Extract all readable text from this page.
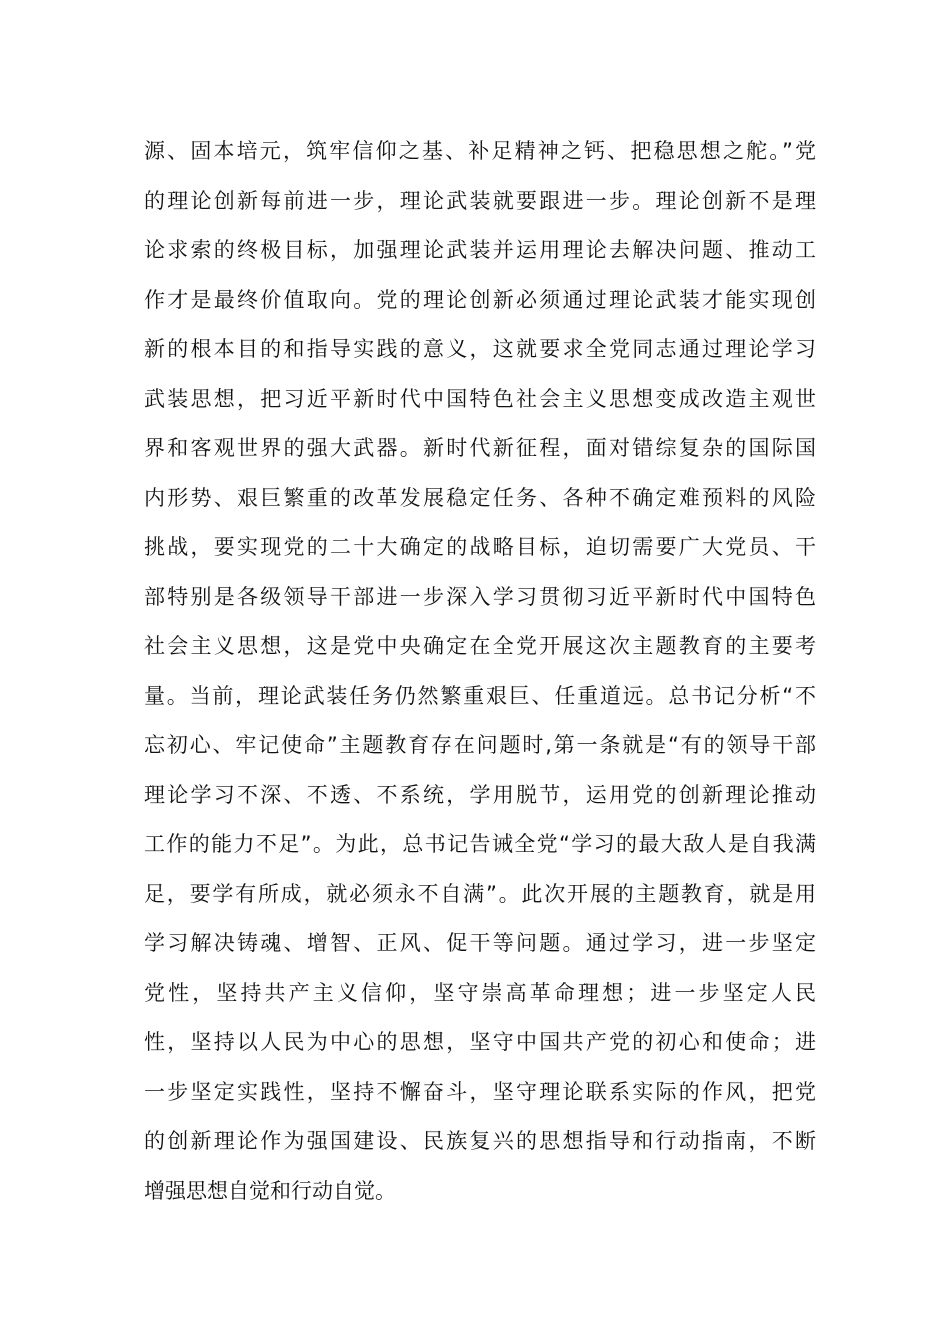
源、固本培元，筑牢信仰之基、补足精神之钙、把稳思想之舵。”党
的理论创新每前进一步，理论武装就要跟进一步。理论创新不是理
论求索的终极目标，加强理论武装并运用理论去解决问题、推动工
作才是最终价值取向。党的理论创新必须通过理论武装才能实现创
新的根本目的和指导实践的意义，这就要求全党同志通过理论学习
武装思想，把习近平新时代中国特色社会主义思想变成改造主观世
界和客观世界的强大武器。新时代新征程，面对错综复杂的国际国
内形势、艰巨繁重的改革发展稳定任务、各种不确定难预料的风险
挑战，要实现党的二十大确定的战略目标，迫切需要广大党员、干
部特别是各级领导干部进一步深入学习贯彻习近平新时代中国特色
社会主义思想，这是党中央确定在全党开展这次主题教育的主要考
量。当前，理论武装任务仍然繁重艰巨、任重道远。总书记分析“不
忘初心、牢记使命”主题教育存在问题时,第一条就是“有的领导干部
理论学习不深、不透、不系统，学用脱节，运用党的创新理论推动
工作的能力不足”。为此，总书记告诫全党“学习的最大敌人是自我满
足，要学有所成，就必须永不自满”。此次开展的主题教育，就是用
学习解决铸魂、增智、正风、促干等问题。通过学习，进一步坚定
党性，坚持共产主义信仰，坚守崇高革命理想；进一步坚定人民
性，坚持以人民为中心的思想，坚守中国共产党的初心和使命；进
一步坚定实践性，坚持不懈奋斗，坚守理论联系实际的作风，把党
的创新理论作为强国建设、民族复兴的思想指导和行动指南，不断
增强思想自觉和行动自觉。
